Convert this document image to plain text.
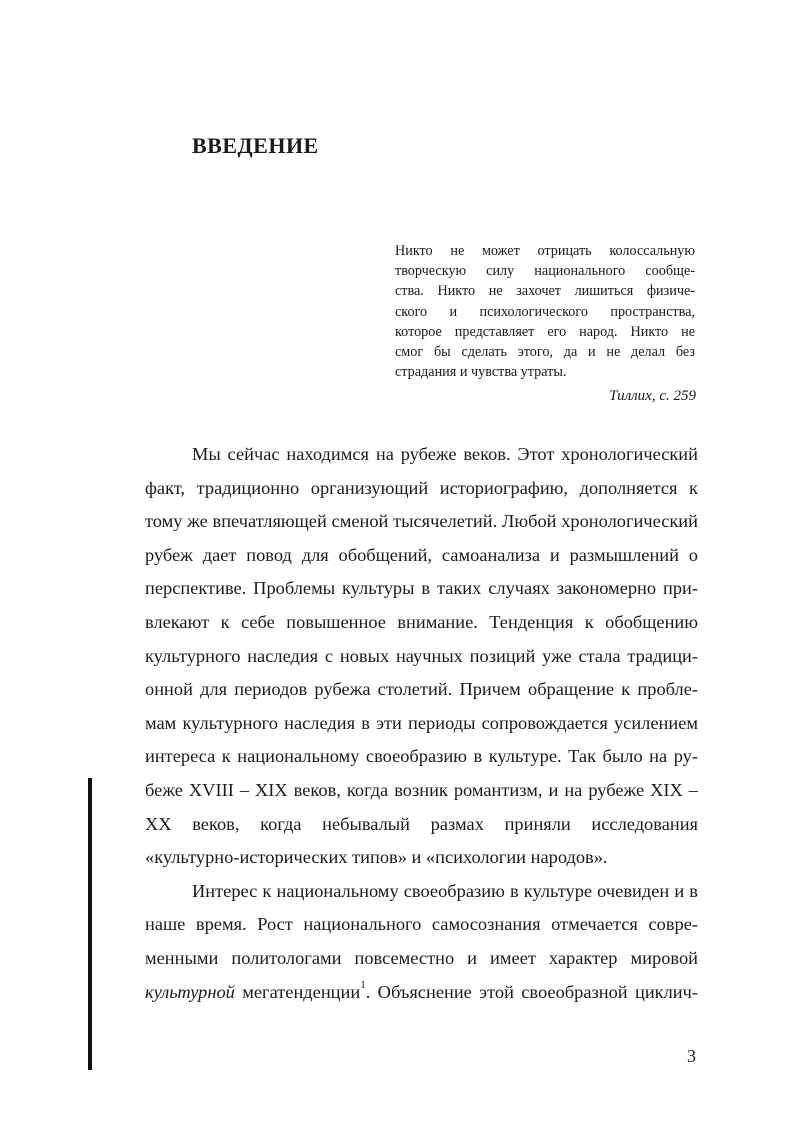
ВВЕДЕНИЕ
Никто не может отрицать колоссальную
творческую силу национального сообще-
ства. Никто не захочет лишиться физиче-
ского и психологического пространства,
которое представляет его народ. Никто не
смог бы сделать этого, да и не делал без
страдания и чувства утраты.

Тиллих, с. 259

Мы сейчас находимся на рубеже веков. Этот хронологический
факт, традиционно организующий историографию, дополняется к
тому же впечатляющей сменой тысячелетий. Любой хронологический
рубеж дает повод для обобщений, самоанализа и размышлений о
перспективе. Проблемы культуры в таких случаях закономерно при-
влекают к себе повышенное внимание. Тенденция к обобщению
культурного наследия с новых научных позиций уже стала традици-
онной для периодов рубежа столетий. Причем обращение к пробле-
мам культурного наследия в эти периоды сопровождается усилением
интереса к национальному своеобразию в культуре. Так было на ру-
беже XVIII – XIX веков, когда возник романтизм, и на рубеже XIX –
XX веков, когда небывалый размах приняли исследования
«культурно-исторических типов» и «психологии народов».
Интерес к национальному своеобразию в культуре очевиден и в
наше время. Рост национального самосознания отмечается совре-
менными политологами повсеместно и имеет характер мировой
культурной мегатенденции$^1$. Объяснение этой своеобразной циклич-

3
